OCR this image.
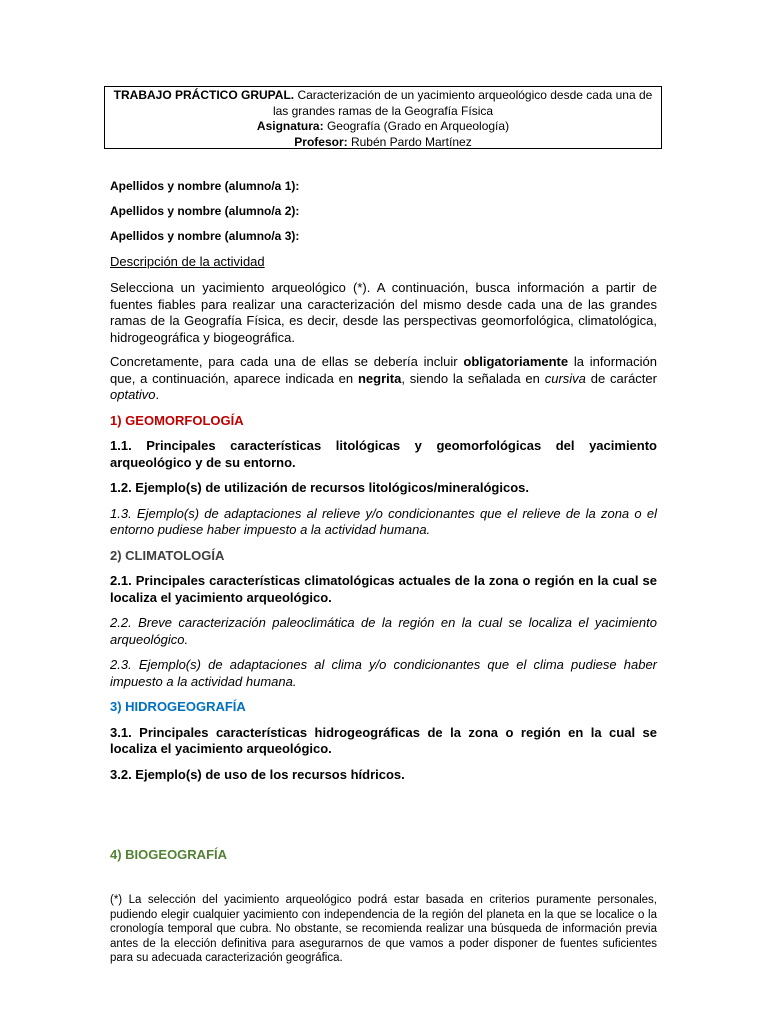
TRABAJO PRÁCTICO GRUPAL. Caracterización de un yacimiento arqueológico desde cada una de las grandes ramas de la Geografía Física
Asignatura: Geografía (Grado en Arqueología)
Profesor: Rubén Pardo Martínez

Apellidos y nombre (alumno/a 1):

Apellidos y nombre (alumno/a 2):

Apellidos y nombre (alumno/a 3):

Descripción de la actividad

Selecciona un yacimiento arqueológico (*). A continuación, busca información a partir de fuentes fiables para realizar una caracterización del mismo desde cada una de las grandes ramas de la Geografía Física, es decir, desde las perspectivas geomorfológica, climatológica, hidrogeográfica y biogeográfica.

Concretamente, para cada una de ellas se debería incluir obligatoriamente la información que, a continuación, aparece indicada en negrita, siendo la señalada en cursiva de carácter optativo.

1) GEOMORFOLOGÍA

1.1. Principales características litológicas y geomorfológicas del yacimiento arqueológico y de su entorno.

1.2. Ejemplo(s) de utilización de recursos litológicos/mineralógicos.

1.3. Ejemplo(s) de adaptaciones al relieve y/o condicionantes que el relieve de la zona o el entorno pudiese haber impuesto a la actividad humana.

2) CLIMATOLOGÍA

2.1. Principales características climatológicas actuales de la zona o región en la cual se localiza el yacimiento arqueológico.

2.2. Breve caracterización paleoclimática de la región en la cual se localiza el yacimiento arqueológico.

2.3. Ejemplo(s) de adaptaciones al clima y/o condicionantes que el clima pudiese haber impuesto a la actividad humana.

3) HIDROGEOGRAFÍA

3.1. Principales características hidrogeográficas de la zona o región en la cual se localiza el yacimiento arqueológico.

3.2. Ejemplo(s) de uso de los recursos hídricos.

4) BIOGEOGRAFÍA

(*) La selección del yacimiento arqueológico podrá estar basada en criterios puramente personales, pudiendo elegir cualquier yacimiento con independencia de la región del planeta en la que se localice o la cronología temporal que cubra. No obstante, se recomienda realizar una búsqueda de información previa antes de la elección definitiva para asegurarnos de que vamos a poder disponer de fuentes suficientes para su adecuada caracterización geográfica.
